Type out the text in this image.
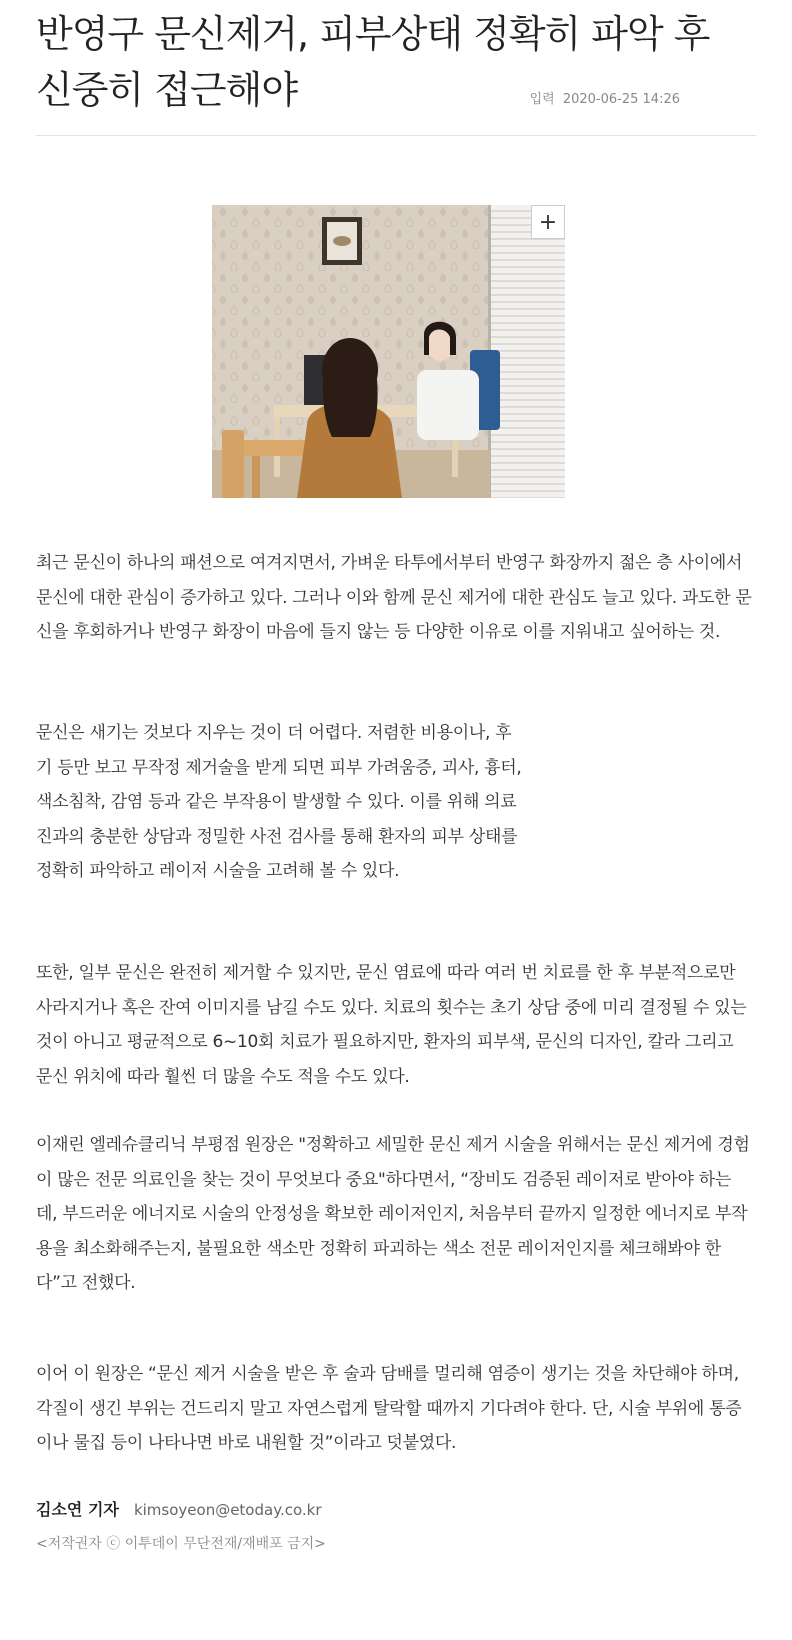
반영구 문신제거, 피부상태 정확히 파악 후 신중히 접근해야	입력 2020-06-25 14:26
+

최근 문신이 하나의 패션으로 여겨지면서, 가벼운 타투에서부터 반영구 화장까지 젊은 층 사이에서 문신에 대한 관심이 증가하고 있다. 그러나 이와 함께 문신 제거에 대한 관심도 늘고 있다. 과도한 문신을 후회하거나 반영구 화장이 마음에 들지 않는 등 다양한 이유로 이를 지워내고 싶어하는 것.

문신은 새기는 것보다 지우는 것이 더 어렵다. 저렴한 비용이나, 후기 등만 보고 무작정 제거술을 받게 되면 피부 가려움증, 괴사, 흉터, 색소침착, 감염 등과 같은 부작용이 발생할 수 있다. 이를 위해 의료진과의 충분한 상담과 정밀한 사전 검사를 통해 환자의 피부 상태를 정확히 파악하고 레이저 시술을 고려해 볼 수 있다.

또한, 일부 문신은 완전히 제거할 수 있지만, 문신 염료에 따라 여러 번 치료를 한 후 부분적으로만 사라지거나 혹은 잔여 이미지를 남길 수도 있다. 치료의 횟수는 초기 상담 중에 미리 결정될 수 있는 것이 아니고 평균적으로 6~10회 치료가 필요하지만, 환자의 피부색, 문신의 디자인, 칼라 그리고 문신 위치에 따라 훨씬 더 많을 수도 적을 수도 있다.

이재린 엘레슈클리닉 부평점 원장은 "정확하고 세밀한 문신 제거 시술을 위해서는 문신 제거에 경험이 많은 전문 의료인을 찾는 것이 무엇보다 중요"하다면서, “장비도 검증된 레이저로 받아야 하는데, 부드러운 에너지로 시술의 안정성을 확보한 레이저인지, 처음부터 끝까지 일정한 에너지로 부작용을 최소화해주는지, 불필요한 색소만 정확히 파괴하는 색소 전문 레이저인지를 체크해봐야 한다”고 전했다.

이어 이 원장은 “문신 제거 시술을 받은 후 술과 담배를 멀리해 염증이 생기는 것을 차단해야 하며, 각질이 생긴 부위는 건드리지 말고 자연스럽게 탈락할 때까지 기다려야 한다. 단, 시술 부위에 통증이나 물집 등이 나타나면 바로 내원할 것”이라고 덧붙였다.

김소연 기자 kimsoyeon@etoday.co.kr
<저작권자 ⓒ 이투데이 무단전재/재배포 금지>
